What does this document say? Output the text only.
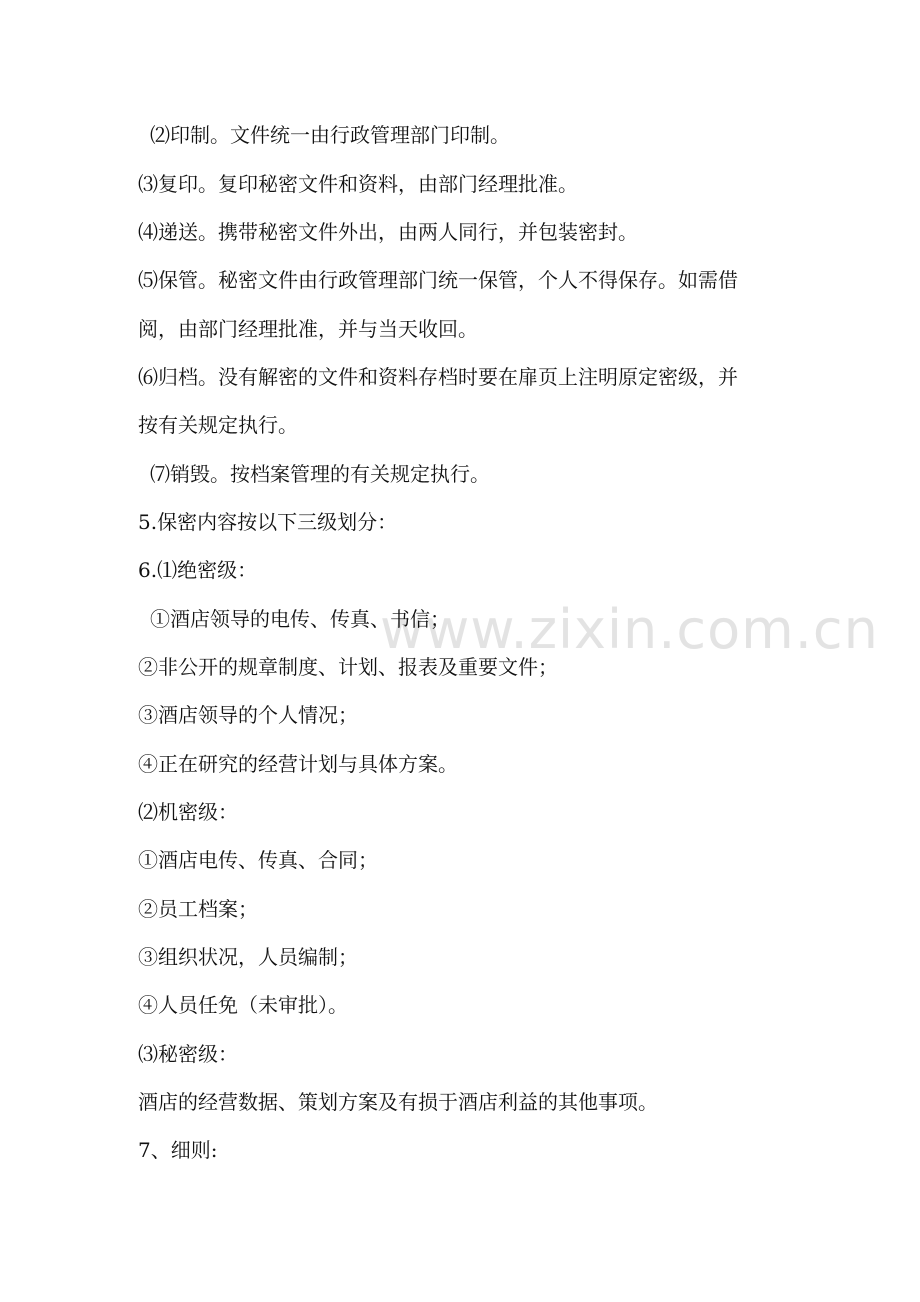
www.zixin.com.cn
⑵印制。文件统一由行政管理部门印制。
⑶复印。复印秘密文件和资料，由部门经理批准。
⑷递送。携带秘密文件外出，由两人同行，并包装密封。
⑸保管。秘密文件由行政管理部门统一保管，个人不得保存。如需借
阅，由部门经理批准，并与当天收回。
⑹归档。没有解密的文件和资料存档时要在扉页上注明原定密级，并
按有关规定执行。
⑺销毁。按档案管理的有关规定执行。
5.保密内容按以下三级划分：
6.⑴绝密级：
①酒店领导的电传、传真、书信；
②非公开的规章制度、计划、报表及重要文件；
③酒店领导的个人情况；
④正在研究的经营计划与具体方案。
⑵机密级：
①酒店电传、传真、合同；
②员工档案；
③组织状况，人员编制；
④人员任免（未审批）。
⑶秘密级：
酒店的经营数据、策划方案及有损于酒店利益的其他事项。
7、细则:
